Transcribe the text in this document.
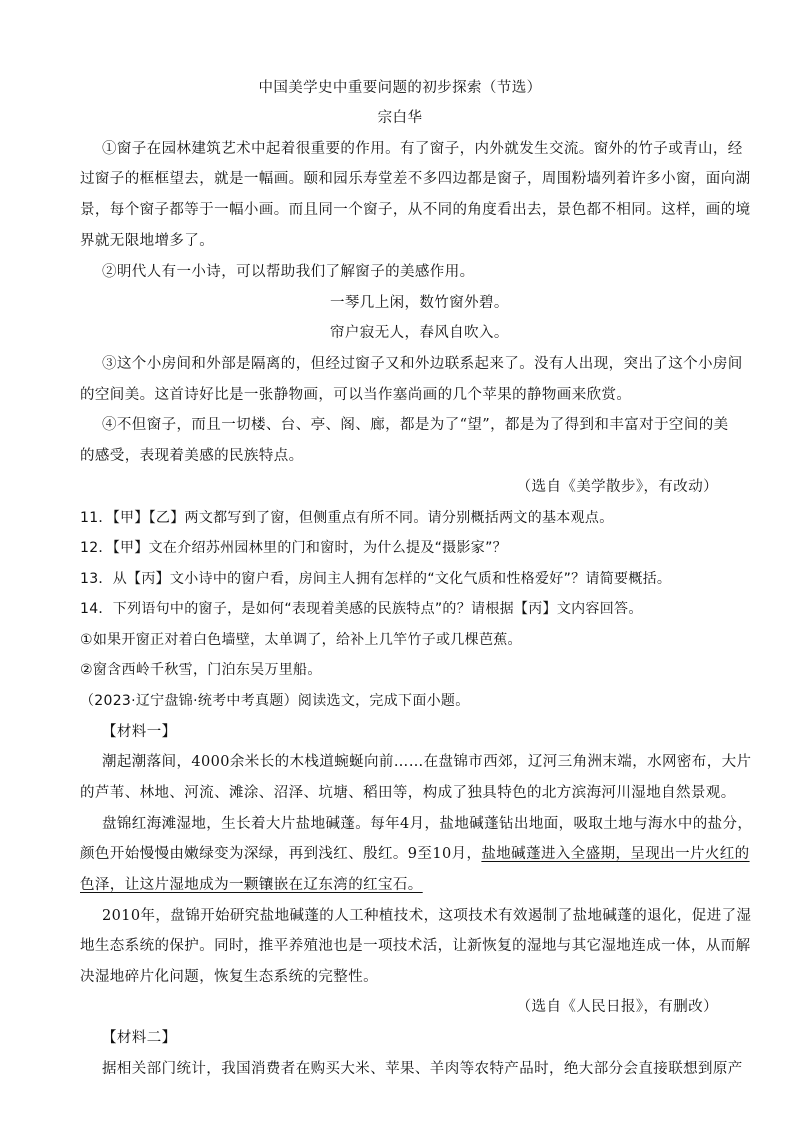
中国美学史中重要问题的初步探索（节选）
宗白华
①窗子在园林建筑艺术中起着很重要的作用。有了窗子，内外就发生交流。窗外的竹子或青山，经
过窗子的框框望去，就是一幅画。颐和园乐寿堂差不多四边都是窗子，周围粉墙列着许多小窗，面向湖
景，每个窗子都等于一幅小画。而且同一个窗子，从不同的角度看出去，景色都不相同。这样，画的境
界就无限地增多了。
②明代人有一小诗，可以帮助我们了解窗子的美感作用。
一琴几上闲，数竹窗外碧。
帘户寂无人，春风自吹入。
③这个小房间和外部是隔离的，但经过窗子又和外边联系起来了。没有人出现，突出了这个小房间
的空间美。这首诗好比是一张静物画，可以当作塞尚画的几个苹果的静物画来欣赏。
④不但窗子，而且一切楼、台、亭、阁、廊，都是为了“望”，都是为了得到和丰富对于空间的美
的感受，表现着美感的民族特点。
（选自《美学散步》，有改动）
11．【甲】【乙】两文都写到了窗，但侧重点有所不同。请分别概括两文的基本观点。
12．【甲】文在介绍苏州园林里的门和窗时，为什么提及“摄影家”？
13．从【丙】文小诗中的窗户看，房间主人拥有怎样的“文化气质和性格爱好”？请简要概括。
14．下列语句中的窗子，是如何“表现着美感的民族特点”的？请根据【丙】文内容回答。
①如果开窗正对着白色墙壁，太单调了，给补上几竿竹子或几棵芭蕉。
②窗含西岭千秋雪，门泊东吴万里船。
（2023·辽宁盘锦·统考中考真题）阅读选文，完成下面小题。
【材料一】
潮起潮落间，4000余米长的木栈道蜿蜒向前……在盘锦市西郊，辽河三角洲末端，水网密布，大片
的芦苇、林地、河流、滩涂、沼泽、坑塘、稻田等，构成了独具特色的北方滨海河川湿地自然景观。
盘锦红海滩湿地，生长着大片盐地碱蓬。每年4月，盐地碱蓬钻出地面，吸取土地与海水中的盐分，
颜色开始慢慢由嫩绿变为深绿，再到浅红、殷红。9至10月，盐地碱蓬进入全盛期，呈现出一片火红的
色泽，让这片湿地成为一颗镶嵌在辽东湾的红宝石。
2010年，盘锦开始研究盐地碱蓬的人工种植技术，这项技术有效遏制了盐地碱蓬的退化，促进了湿
地生态系统的保护。同时，推平养殖池也是一项技术活，让新恢复的湿地与其它湿地连成一体，从而解
决湿地碎片化问题，恢复生态系统的完整性。
（选自《人民日报》，有删改）
【材料二】
据相关部门统计，我国消费者在购买大米、苹果、羊肉等农特产品时，绝大部分会直接联想到原产
